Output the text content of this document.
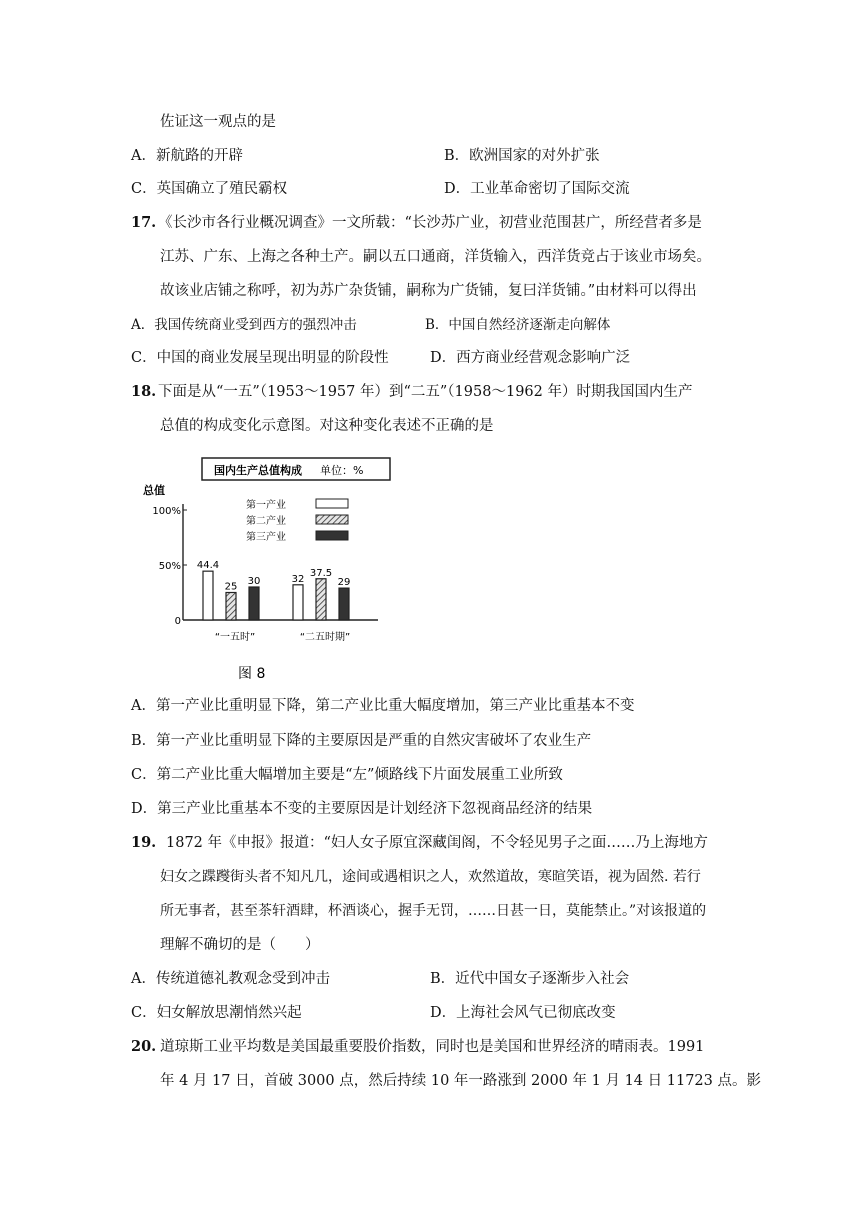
佐证这一观点的是
A．新航路的开辟	B．欧洲国家的对外扩张
C．英国确立了殖民霸权	D．工业革命密切了国际交流
17. 《长沙市各行业概况调查》一文所载：“长沙苏广业，初营业范围甚广，所经营者多是
江苏、广东、上海之各种土产。嗣以五口通商，洋货输入，西洋货竞占于该业市场矣。
故该业店铺之称呼，初为苏广杂货铺，嗣称为广货铺，复曰洋货铺。”由材料可以得出
A．我国传统商业受到西方的强烈冲击	B．中国自然经济逐渐走向解体
C．中国的商业发展呈现出明显的阶段性	D．西方商业经营观念影响广泛
18. 下面是从“一五”（1953～1957 年）到“二五”（1958～1962 年）时期我国国内生产
总值的构成变化示意图。对这种变化表述不正确的是
国内生产总值构成 单位：%
总值
100%
50%
0
第一产业
第二产业
第三产业
44.4
25 30	32
37.5
29
“一五时”	“二五时期”
图 8
A．第一产业比重明显下降，第二产业比重大幅度增加，第三产业比重基本不变
B．第一产业比重明显下降的主要原因是严重的自然灾害破坏了农业生产
C．第二产业比重大幅增加主要是“左”倾路线下片面发展重工业所致
D．第三产业比重基本不变的主要原因是计划经济下忽视商品经济的结果
19. 1872 年《申报》报道：“妇人女子原宜深藏闺阁，不令轻见男子之面……乃上海地方
妇女之蹀躞街头者不知凡几，途间或遇相识之人，欢然道故，寒暄笑语，视为固然. 若行
所无事者，甚至茶轩酒肆，杯酒谈心，握手无罚，……日甚一日，莫能禁止。”对该报道的
理解不确切的是（　　）
A．传统道德礼教观念受到冲击	B．近代中国女子逐渐步入社会
C．妇女解放思潮悄然兴起	D．上海社会风气已彻底改变
20. 道琼斯工业平均数是美国最重要股价指数，同时也是美国和世界经济的晴雨表。1991
年 4 月 17 日，首破 3000 点，然后持续 10 年一路涨到 2000 年 1 月 14 日 11723 点。影
